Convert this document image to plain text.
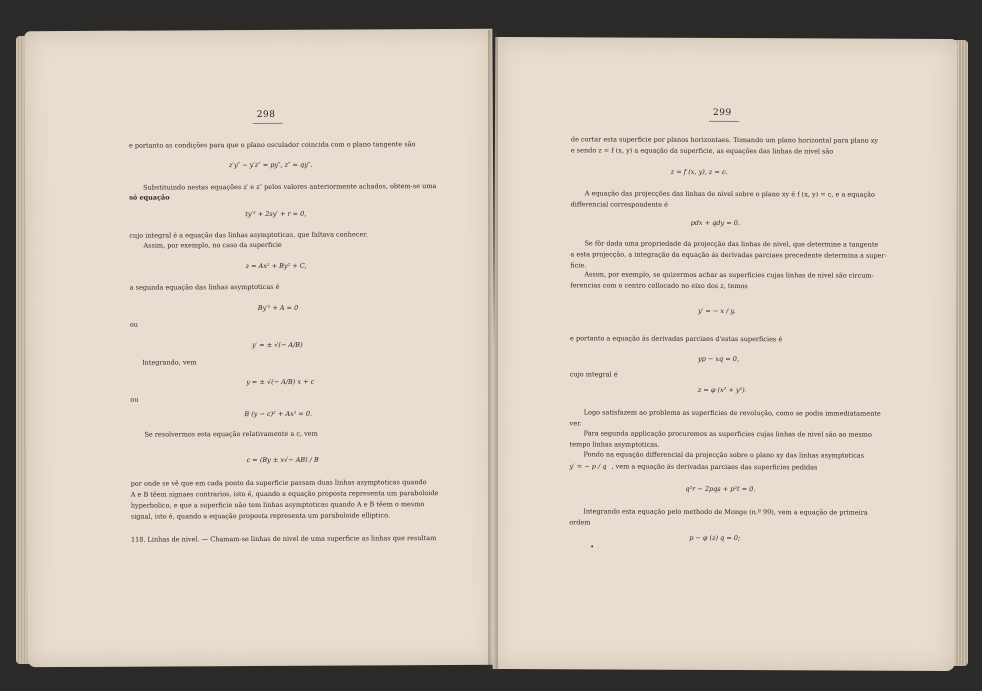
298
e portanto as condições para que o plano osculador coincida com o plano tangente são
z′y″ − y′z″ = py″, z″ = qy″.
Substituindo nestas equações z′ e z″ pelos valores anteriormente achados, obtem-se uma
só equação
ty′² + 2sy′ + r = 0,
cujo integral é a equação das linhas asymptoticas, que faltava conhecer.
Assim, por exemplo, no caso da superficie
z = Ax² + By² + C,
a segunda equação das linhas asymptoticas é
By′² + A = 0
ou
y′ = ± √(− A/B)
Integrando, vem
y = ± √(− A/B) x + c
ou
B (y − c)² + Ax² = 0.
Se resolvermos esta equação relativamente a c, vem
c = (By ± x√− AB) / B
por onde se vê que em cada ponto da superficie passam duas linhas asymptoticas quando
A e B têem signaes contrarios, isto é, quando a equação proposta representa um paraboloide
hyperbolico, e que a superficie não tem linhas asymptoticas quando A e B têem o mesmo
signal, isto é, quando a equação proposta representa um paraboloide elliptico.
118. Linhas de nivel. — Chamam-se linhas de nivel de uma superficie as linhas que resultam
299
de cortar esta superficie por planos horizontaes. Tomando um plano horizontal para plano xy
e sendo z = f (x, y) a equação da superficie, as equações das linhas de nivel são
z = f (x, y), z = c.
A equação das projecções das linhas de nivel sobre o plano xy é f (x, y) = c, e a equação
differencial correspondente é
pdx + qdy = 0.
Se fôr dada uma propriedade da projecção das linhas de nivel, que determine a tangente
a esta projecção, a integração da equação ás derivadas parciaes precedente determina a super-
ficie.
Assim, por exemplo, se quizermos achar as superficies cujas linhas de nivel são circum-
ferencias com o centro collocado no eixo dos z, temos
y′ = − x / y,
e portanto a equação ás derivadas parciaes d'estas superficies é
yp − xq = 0,
cujo integral é
z = φ (x² + y²).
Logo satisfazem ao problema as superficies de revolução, como se podia immediatamente
ver.
Para segunda applicação procuremos as superficies cujas linhas de nivel são ao mesmo
tempo linhas asymptoticas.
Pondo na equação differencial da projecção sobre o plano xy das linhas asymptoticas
y′ = − p / q , vem a equação ás derivadas parciaes das superficies pedidas
q²r − 2pqs + p²t = 0.
Integrando esta equação pelo methodo de Monge (n.º 99), vem a equação de primeira
ordem
p − φ (z) q = 0;
